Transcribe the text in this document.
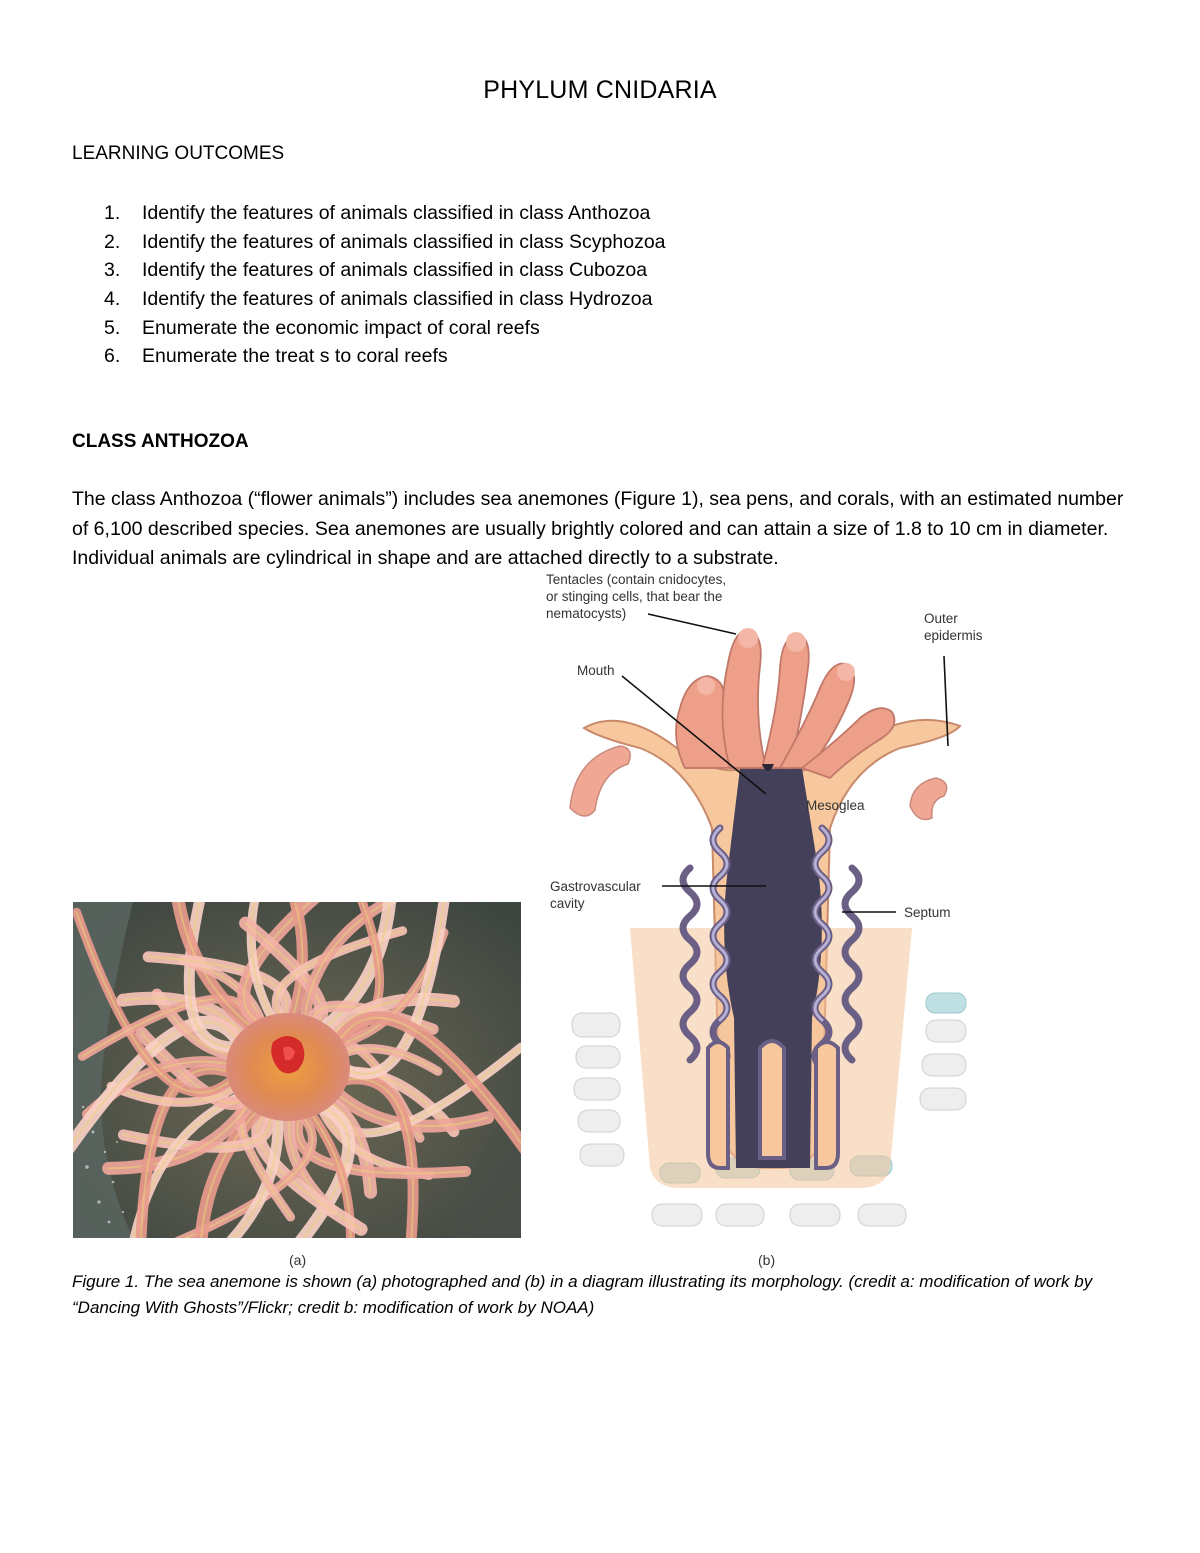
PHYLUM CNIDARIA
LEARNING OUTCOMES
1. Identify the features of animals classified in class Anthozoa
2. Identify the features of animals classified in class Scyphozoa
3. Identify the features of animals classified in class Cubozoa
4. Identify the features of animals classified in class Hydrozoa
5. Enumerate the economic impact of coral reefs
6. Enumerate the treat s to coral reefs
CLASS ANTHOZOA

The class Anthozoa (“flower animals”) includes sea anemones (Figure 1), sea pens, and corals, with an estimated number of 6,100 described species. Sea anemones are usually brightly colored and can attain a size of 1.8 to 10 cm in diameter. Individual animals are cylindrical in shape and are attached directly to a substrate.

Tentacles (contain cnidocytes,
or stinging cells, that bear the
nematocysts)	Outer
epidermis
Mouth
Mesoglea
Gastrovascular
cavity
Septum
(a)	(b)

Figure 1. The sea anemone is shown (a) photographed and (b) in a diagram illustrating its morphology. (credit a: modification of work by “Dancing With Ghosts”/Flickr; credit b: modification of work by NOAA)
